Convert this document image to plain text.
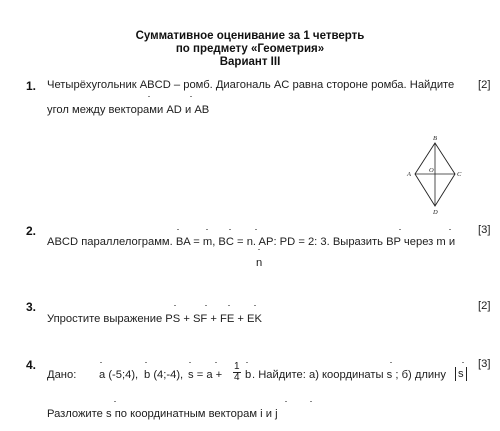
Суммативное оценивание за 1 четверть
по предмету «Геометрия»
Вариант III
1. Четырёхугольник ABCD – ромб. Диагональ AC равна стороне ромба. Найдите [2]
угол между векторами AD и AB
B
A	C
D
O
2.
ABCD параллелограмм. BA = m, BC = n. AP: PD = 2: 3. Выразить BP через m и
[3]
n
3.
Упростите выражение PS + SF + FE + EK
[2]
4.	[3]
Дано: a (-5;4), b (4;-4), $s = a + \frac{1}{4}$ b . Найдите: а) координаты s ; б) длину	s
Разложите s по координатным векторам i и j
